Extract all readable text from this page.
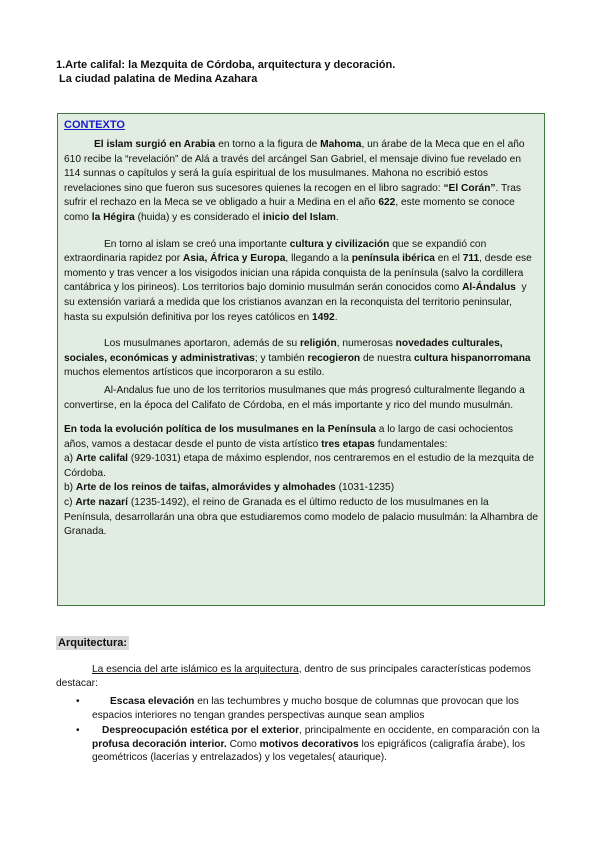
1.Arte califal: la Mezquita de Córdoba, arquitectura y decoración.
La ciudad palatina de Medina Azahara
CONTEXTO

El islam surgió en Arabia en torno a la figura de Mahoma, un árabe de la Meca que en el año 610 recibe la “revelación” de Alá a través del arcángel San Gabriel, el mensaje divino fue revelado en 114 sunnas o capítulos y será la guía espiritual de los musulmanes. Mahona no escribió estos revelaciones sino que fueron sus sucesores quienes la recogen en el libro sagrado: “El Corán”. Tras sufrir el rechazo en la Meca se ve obligado a huir a Medina en el año 622, este momento se conoce como la Hégira (huida) y es considerado el inicio del Islam.

En torno al islam se creó una importante cultura y civilización que se expandió con extraordinaria rapidez por Asia, África y Europa, llegando a la península ibérica en el 711, desde ese momento y tras vencer a los visigodos inician una rápida conquista de la península (salvo la cordillera cantábrica y los pirineos). Los territorios bajo dominio musulmán serán conocidos como Al-Ándalus  y su extensión variará a medida que los cristianos avanzan en la reconquista del territorio peninsular, hasta su expulsión definitiva por los reyes católicos en 1492.

Los musulmanes aportaron, además de su religión, numerosas novedades culturales, sociales, económicas y administrativas; y también recogieron de nuestra cultura hispanorromana muchos elementos artísticos que incorporaron a su estilo.

Al-Andalus fue uno de los territorios musulmanes que más progresó culturalmente llegando a convertirse, en la época del Califato de Córdoba, en el más importante y rico del mundo musulmán.

En toda la evolución política de los musulmanes en la Península a lo largo de casi ochocientos años, vamos a destacar desde el punto de vista artístico tres etapas fundamentales:

a) Arte califal (929-1031) etapa de máximo esplendor, nos centraremos en el estudio de la mezquita de Córdoba.

b) Arte de los reinos de taifas, almorávides y almohades (1031-1235)

c) Arte nazarí (1235-1492), el reino de Granada es el último reducto de los musulmanes en la Península, desarrollarán una obra que estudiaremos como modelo de palacio musulmán: la Alhambra de Granada.

Arquitectura:

La esencia del arte islámico es la arquitectura, dentro de sus principales características podemos destacar:

•	Escasa elevación en las techumbres y mucho bosque de columnas que provocan que los espacios interiores no tengan grandes perspectivas aunque sean amplios
• Despreocupación estética por el exterior, principalmente en occidente, en comparación con la profusa decoración interior. Como motivos decorativos los epigráficos (caligrafía árabe), los geométricos (lacerías y entrelazados) y los vegetales( ataurique).
